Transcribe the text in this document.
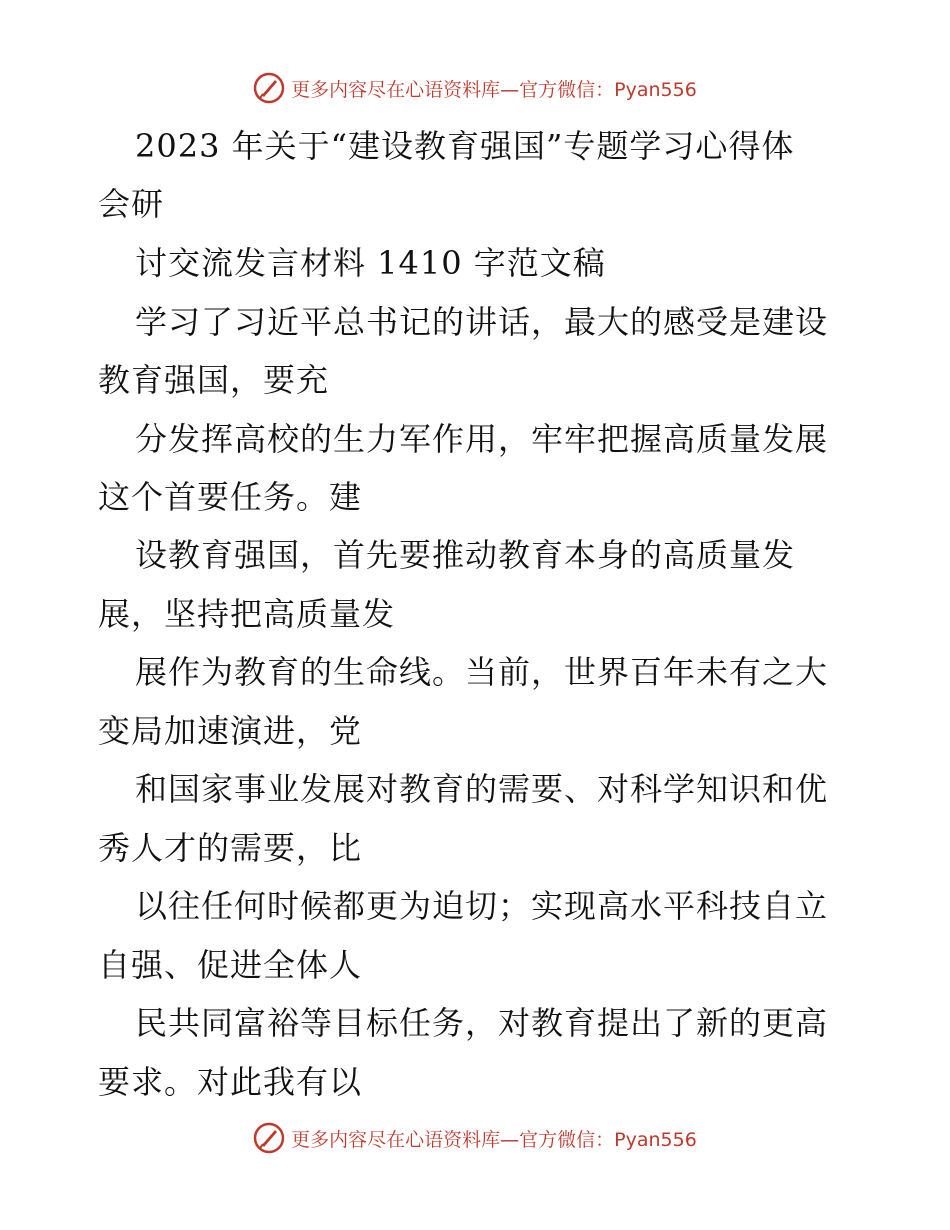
更多内容尽在心语资料库—官方微信：Pyan556
2023 年关于“建设教育强国”专题学习心得体
会研
讨交流发言材料 1410 字范文稿
学习了习近平总书记的讲话，最大的感受是建设
教育强国，要充
分发挥高校的生力军作用，牢牢把握高质量发展
这个首要任务。建
设教育强国，首先要推动教育本身的高质量发
展，坚持把高质量发
展作为教育的生命线。当前，世界百年未有之大
变局加速演进，党
和国家事业发展对教育的需要、对科学知识和优
秀人才的需要，比
以往任何时候都更为迫切；实现高水平科技自立
自强、促进全体人
民共同富裕等目标任务，对教育提出了新的更高
要求。对此我有以
更多内容尽在心语资料库—官方微信：Pyan556
